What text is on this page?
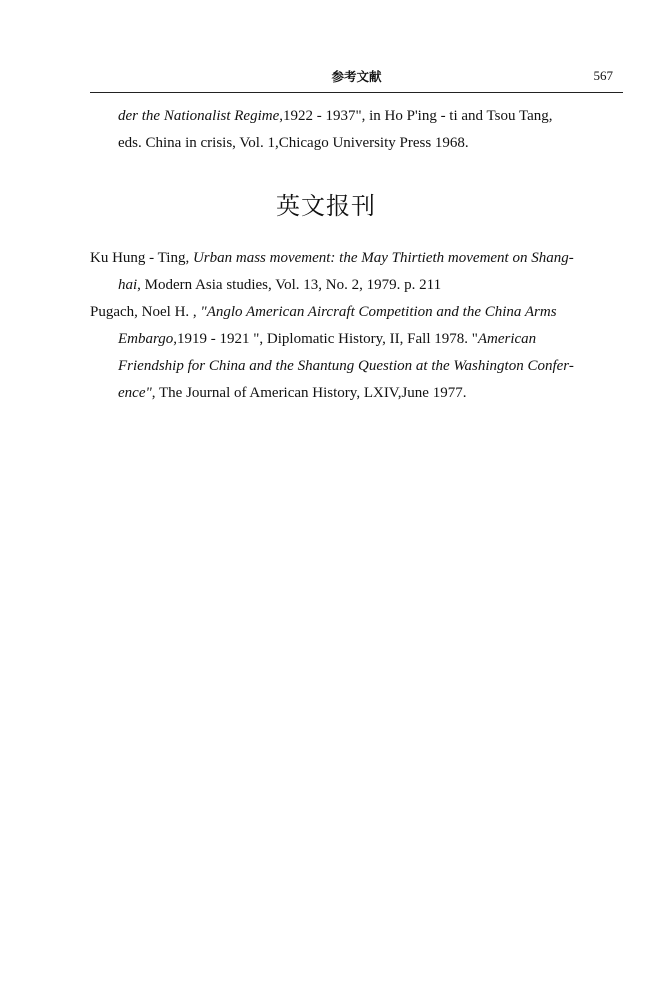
参考文献	567
der the Nationalist Regime,1922 - 1937", in Ho P'ing - ti and Tsou Tang,
eds. China in crisis, Vol. 1,Chicago University Press 1968.
英文报刊
Ku Hung - Ting, Urban mass movement: the May Thirtieth movement on Shang-
hai, Modern Asia studies, Vol. 13, No. 2, 1979. p. 211
Pugach, Noel H. , "Anglo American Aircraft Competition and the China Arms
Embargo,1919 - 1921 ", Diplomatic History, II, Fall 1978. "American
Friendship for China and the Shantung Question at the Washington Confer-
ence", The Journal of American History, LXIV,June 1977.
